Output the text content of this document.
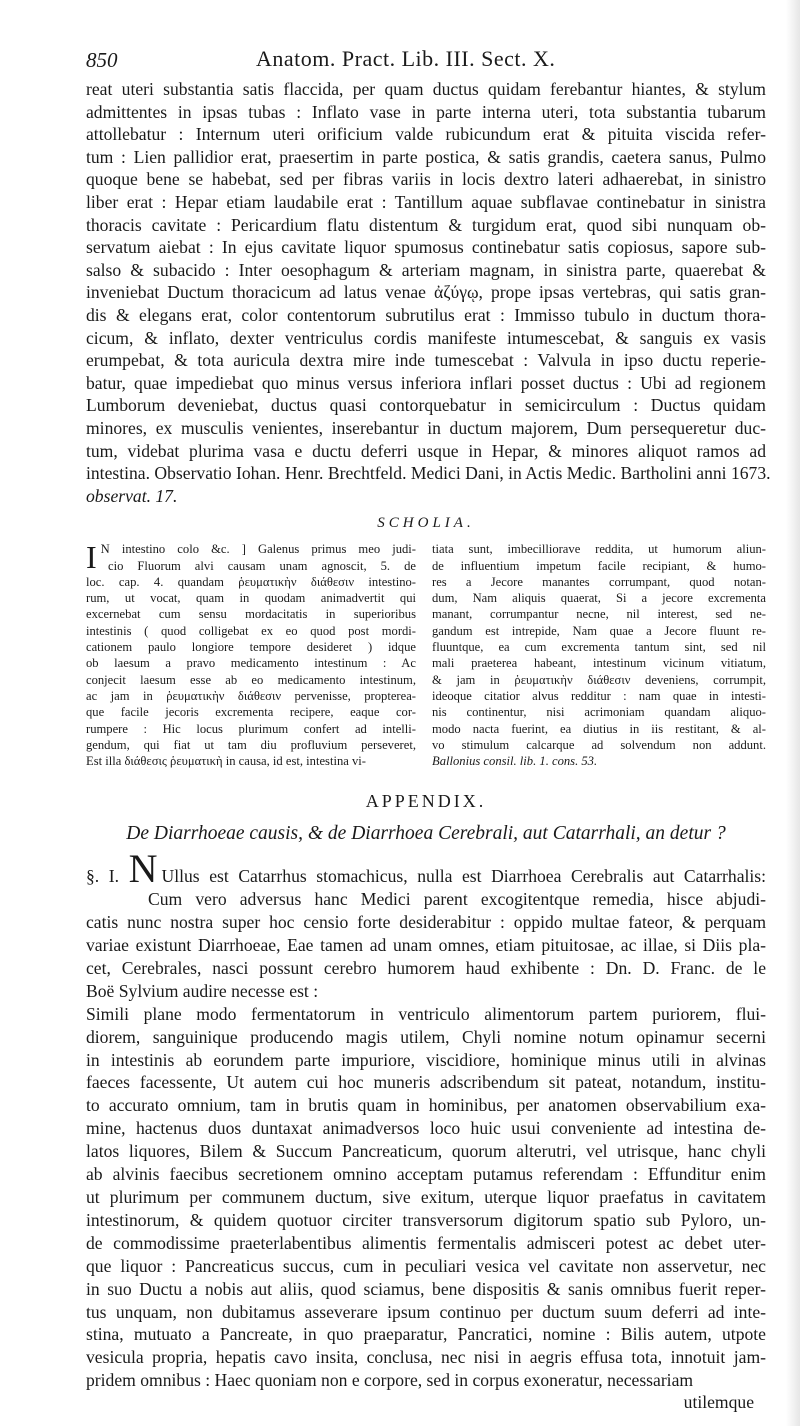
850	Anatom. Pract. Lib. III. Sect. X.

reat uteri substantia satis flaccida, per quam ductus quidam ferebantur hiantes, & stylum

admittentes in ipsas tubas : Inflato vase in parte interna uteri, tota substantia tubarum

attollebatur : Internum uteri orificium valde rubicundum erat & pituita viscida refer-

tum : Lien pallidior erat, praesertim in parte postica, & satis grandis, caetera sanus, Pulmo

quoque bene se habebat, sed per fibras variis in locis dextro lateri adhaerebat, in sinistro

liber erat : Hepar etiam laudabile erat : Tantillum aquae subflavae continebatur in sinistra

thoracis cavitate : Pericardium flatu distentum & turgidum erat, quod sibi nunquam ob-

servatum aiebat : In ejus cavitate liquor spumosus continebatur satis copiosus, sapore sub-

salso & subacido : Inter oesophagum & arteriam magnam, in sinistra parte, quaerebat &

inveniebat Ductum thoracicum ad latus venae ἀζύγῳ, prope ipsas vertebras, qui satis gran-

dis & elegans erat, color contentorum subrutilus erat : Immisso tubulo in ductum thora-

cicum, & inflato, dexter ventriculus cordis manifeste intumescebat, & sanguis ex vasis

erumpebat, & tota auricula dextra mire inde tumescebat : Valvula in ipso ductu reperie-

batur, quae impediebat quo minus versus inferiora inflari posset ductus : Ubi ad regionem

Lumborum deveniebat, ductus quasi contorquebatur in semicirculum : Ductus quidam

minores, ex musculis venientes, inserebantur in ductum majorem, Dum persequeretur duc-

tum, videbat plurima vasa e ductu deferri usque in Hepar, & minores aliquot ramos ad

intestina. Observatio Iohan. Henr. Brechtfeld. Medici Dani, in Actis Medic. Bartholini anni 1673.

observat. 17.

SCHOLIA.

I N intestino colo &c. ] Galenus primus meo judi-

cio Fluorum alvi causam unam agnoscit, 5. de

loc. cap. 4. quandam ῥευματικὴν διάθεσιν intestino-

rum, ut vocat, quam in quodam animadvertit qui

excernebat cum sensu mordacitatis in superioribus

intestinis ( quod colligebat ex eo quod post mordi-

cationem paulo longiore tempore desideret ) idque

ob laesum a pravo medicamento intestinum : Ac

conjecit laesum esse ab eo medicamento intestinum,

ac jam in ῥευματικὴν διάθεσιν pervenisse, propterea-

que facile jecoris excrementa recipere, eaque cor-

rumpere : Hic locus plurimum confert ad intelli-

gendum, qui fiat ut tam diu profluvium perseveret,

Est illa διάθεσις ῥευματικὴ in causa, id est, intestina vi-

tiata sunt, imbecilliorave reddita, ut humorum aliun-

de influentium impetum facile recipiant, & humo-

res a Jecore manantes corrumpant, quod notan-

dum, Nam aliquis quaerat, Si a jecore excrementa

manant, corrumpantur necne, nil interest, sed ne-

gandum est intrepide, Nam quae a Jecore fluunt re-

fluuntque, ea cum excrementa tantum sint, sed nil

mali praeterea habeant, intestinum vicinum vitiatum,

& jam in ῥευματικὴν διάθεσιν deveniens, corrumpit,

ideoque citatior alvus redditur : nam quae in intesti-

nis continentur, nisi acrimoniam quandam aliquo-

modo nacta fuerint, ea diutius in iis restitant, & al-

vo stimulum calcarque ad solvendum non addunt.

Ballonius consil. lib. 1. cons. 53.

APPENDIX.
De Diarrhoeae causis, & de Diarrhoea Cerebrali, aut Catarrhali, an detur ?

§. I. N Ullus est Catarrhus stomachicus, nulla est Diarrhoea Cerebralis aut Catarrhalis:

Cum vero adversus hanc Medici parent excogitentque remedia, hisce abjudi-

catis nunc nostra super hoc censio forte desiderabitur : oppido multae fateor, & perquam

variae existunt Diarrhoeae, Eae tamen ad unam omnes, etiam pituitosae, ac illae, si Diis pla-

cet, Cerebrales, nasci possunt cerebro humorem haud exhibente : Dn. D. Franc. de le

Boë Sylvium audire necesse est :

Simili plane modo fermentatorum in ventriculo alimentorum partem puriorem, flui-

diorem, sanguinique producendo magis utilem, Chyli nomine notum opinamur secerni

in intestinis ab eorundem parte impuriore, viscidiore, hominique minus utili in alvinas

faeces facessente, Ut autem cui hoc muneris adscribendum sit pateat, notandum, institu-

to accurato omnium, tam in brutis quam in hominibus, per anatomen observabilium exa-

mine, hactenus duos duntaxat animadversos loco huic usui conveniente ad intestina de-

latos liquores, Bilem & Succum Pancreaticum, quorum alterutri, vel utrisque, hanc chyli

ab alvinis faecibus secretionem omnino acceptam putamus referendam : Effunditur enim

ut plurimum per communem ductum, sive exitum, uterque liquor praefatus in cavitatem

intestinorum, & quidem quotuor circiter transversorum digitorum spatio sub Pyloro, un-

de commodissime praeterlabentibus alimentis fermentalis admisceri potest ac debet uter-

que liquor : Pancreaticus succus, cum in peculiari vesica vel cavitate non asservetur, nec

in suo Ductu a nobis aut aliis, quod sciamus, bene dispositis & sanis omnibus fuerit reper-

tus unquam, non dubitamus asseverare ipsum continuo per ductum suum deferri ad inte-

stina, mutuato a Pancreate, in quo praeparatur, Pancratici, nomine : Bilis autem, utpote

vesicula propria, hepatis cavo insita, conclusa, nec nisi in aegris effusa tota, innotuit jam-

pridem omnibus : Haec quoniam non e corpore, sed in corpus exoneratur, necessariam

utilemque
